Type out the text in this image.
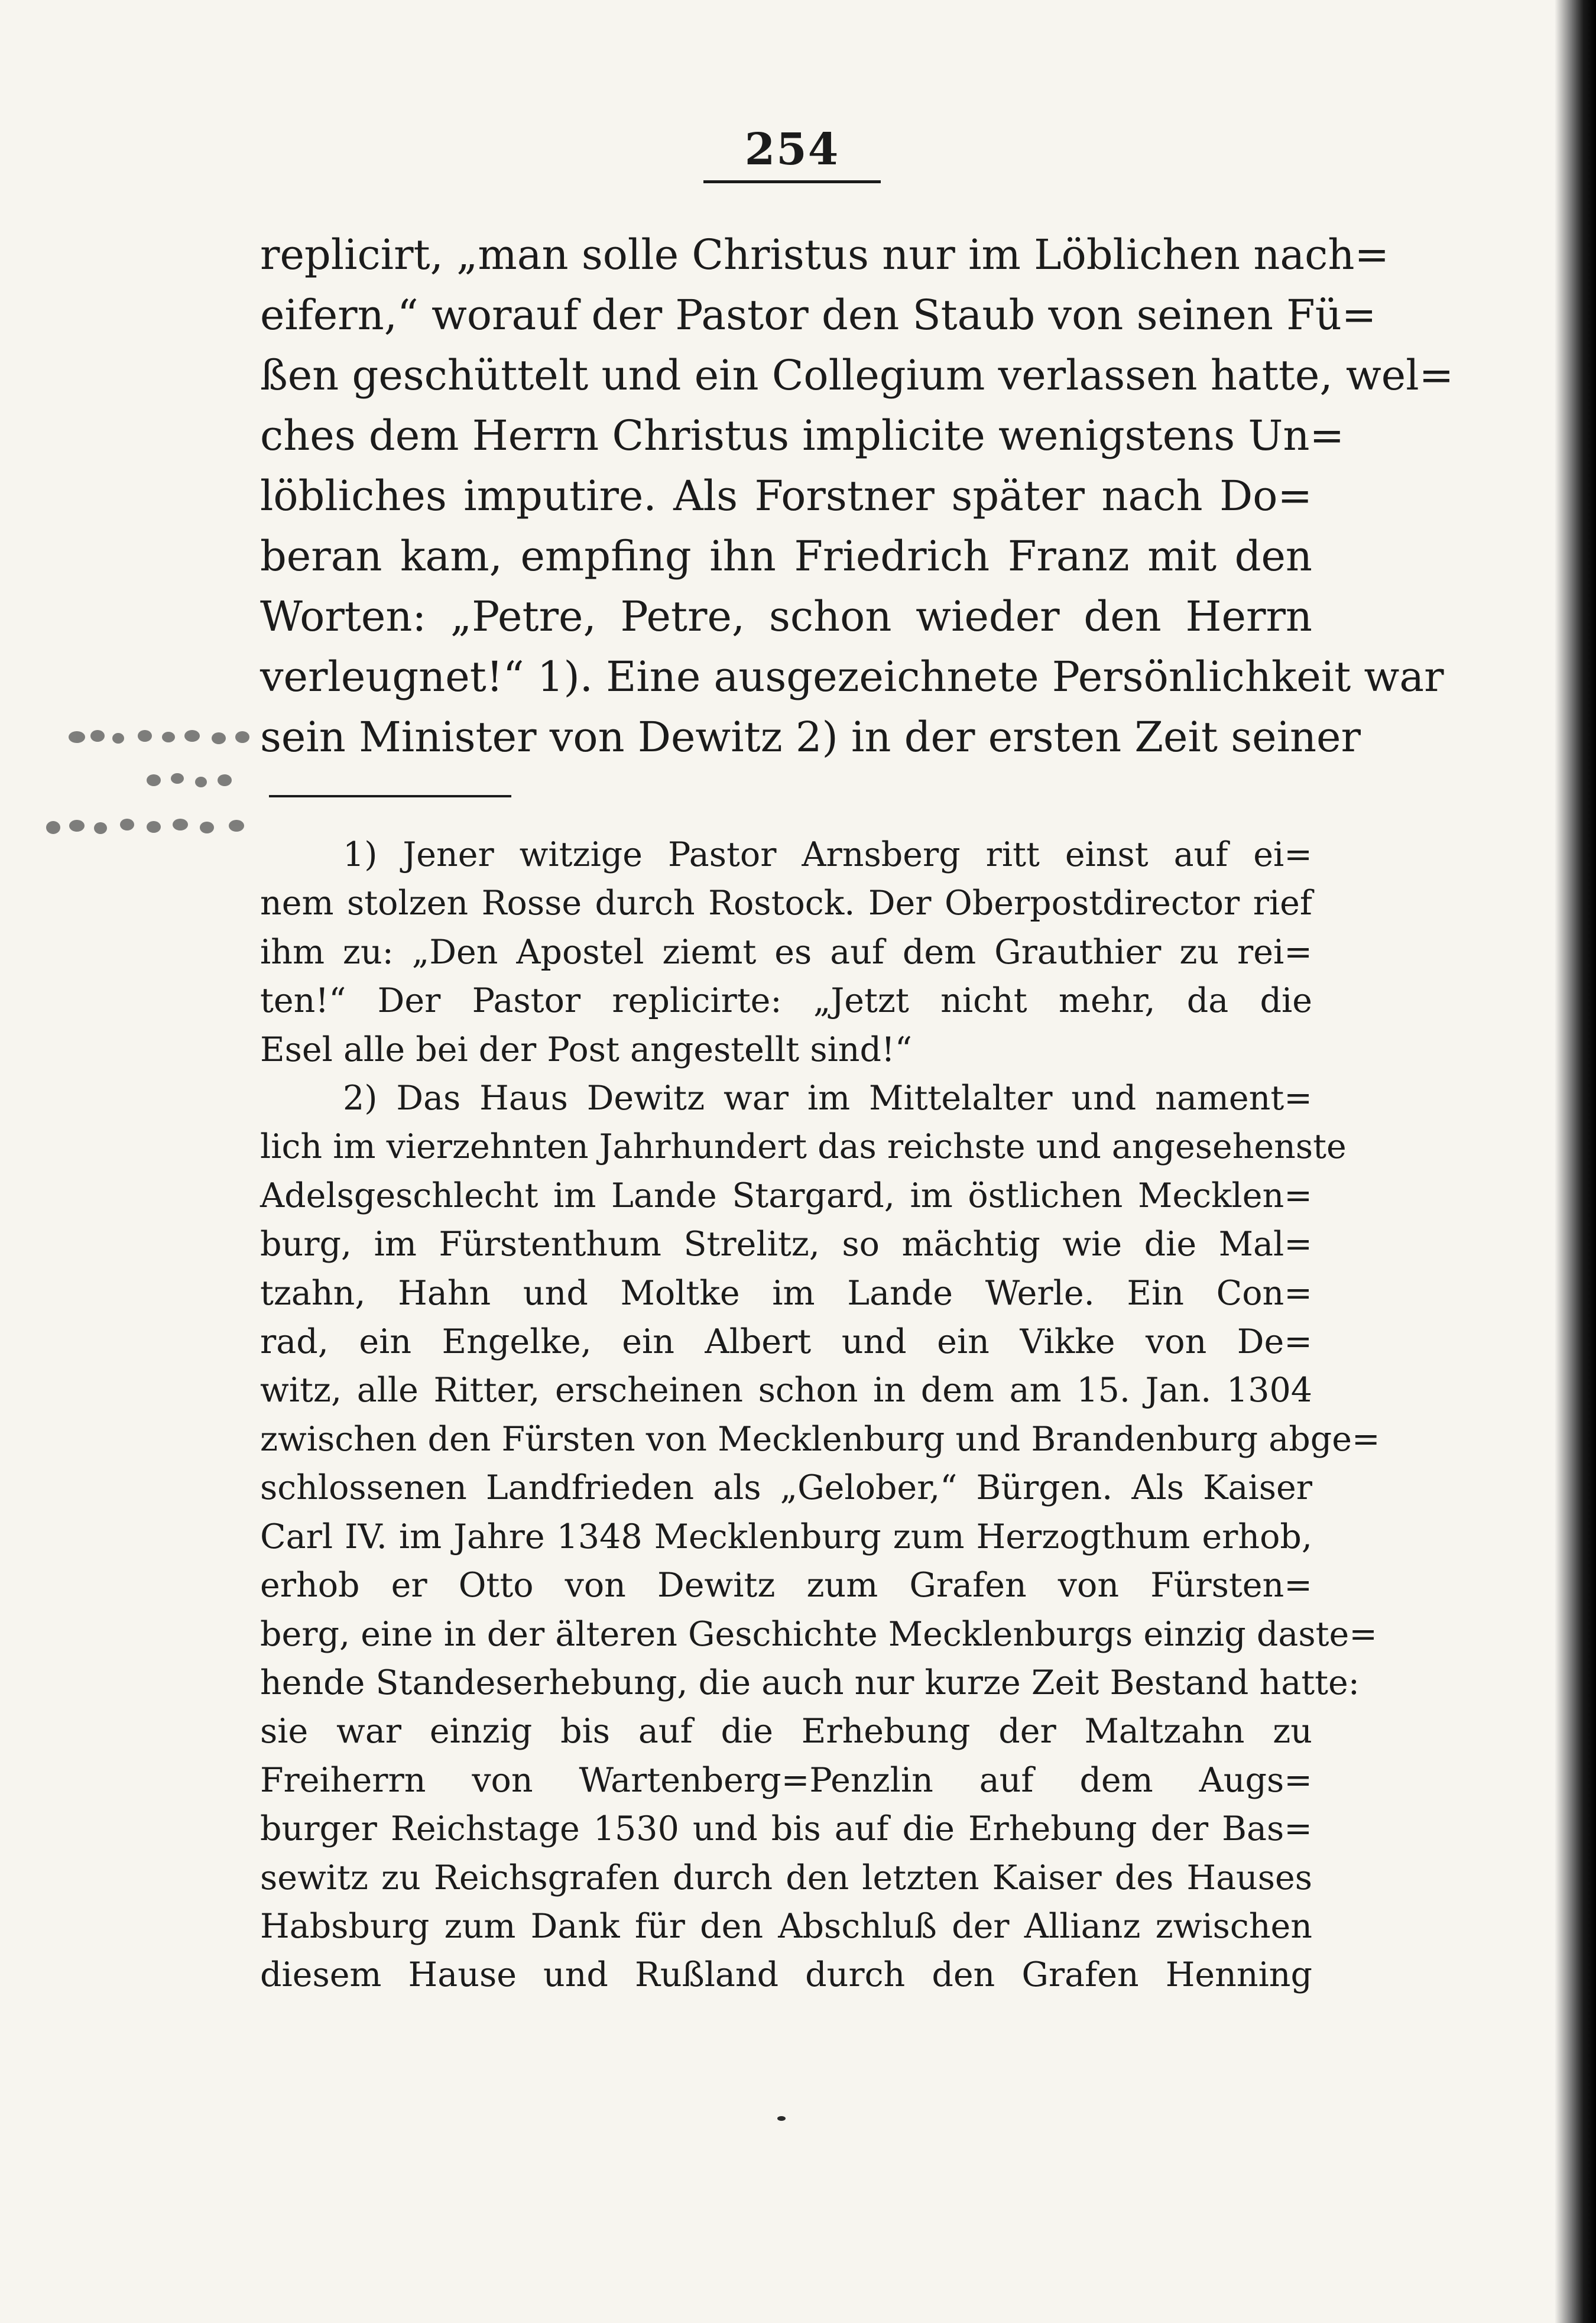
254
replicirt, „man solle Christus nur im Löblichen nach=
eifern,“ worauf der Pastor den Staub von seinen Fü=
ßen geschüttelt und ein Collegium verlassen hatte, wel=
ches dem Herrn Christus implicite wenigstens Un=
löbliches imputire. Als Forstner später nach Do=
beran kam, empfing ihn Friedrich Franz mit den
Worten: „Petre, Petre, schon wieder den Herrn
verleugnet!“ 1). Eine ausgezeichnete Persönlichkeit war
sein Minister von Dewitz 2) in der ersten Zeit seiner
1) Jener witzige Pastor Arnsberg ritt einst auf ei=
nem stolzen Rosse durch Rostock. Der Oberpostdirector rief
ihm zu: „Den Apostel ziemt es auf dem Grauthier zu rei=
ten!“ Der Pastor replicirte: „Jetzt nicht mehr, da die
Esel alle bei der Post angestellt sind!“
2) Das Haus Dewitz war im Mittelalter und nament=
lich im vierzehnten Jahrhundert das reichste und angesehenste
Adelsgeschlecht im Lande Stargard, im östlichen Mecklen=
burg, im Fürstenthum Strelitz, so mächtig wie die Mal=
tzahn, Hahn und Moltke im Lande Werle. Ein Con=
rad, ein Engelke, ein Albert und ein Vikke von De=
witz, alle Ritter, erscheinen schon in dem am 15. Jan. 1304
zwischen den Fürsten von Mecklenburg und Brandenburg abge=
schlossenen Landfrieden als „Gelober,“ Bürgen. Als Kaiser
Carl IV. im Jahre 1348 Mecklenburg zum Herzogthum erhob,
erhob er Otto von Dewitz zum Grafen von Fürsten=
berg, eine in der älteren Geschichte Mecklenburgs einzig daste=
hende Standeserhebung, die auch nur kurze Zeit Bestand hatte:
sie war einzig bis auf die Erhebung der Maltzahn zu
Freiherrn von Wartenberg=Penzlin auf dem Augs=
burger Reichstage 1530 und bis auf die Erhebung der Bas=
sewitz zu Reichsgrafen durch den letzten Kaiser des Hauses
Habsburg zum Dank für den Abschluß der Allianz zwischen
diesem Hause und Rußland durch den Grafen Henning
